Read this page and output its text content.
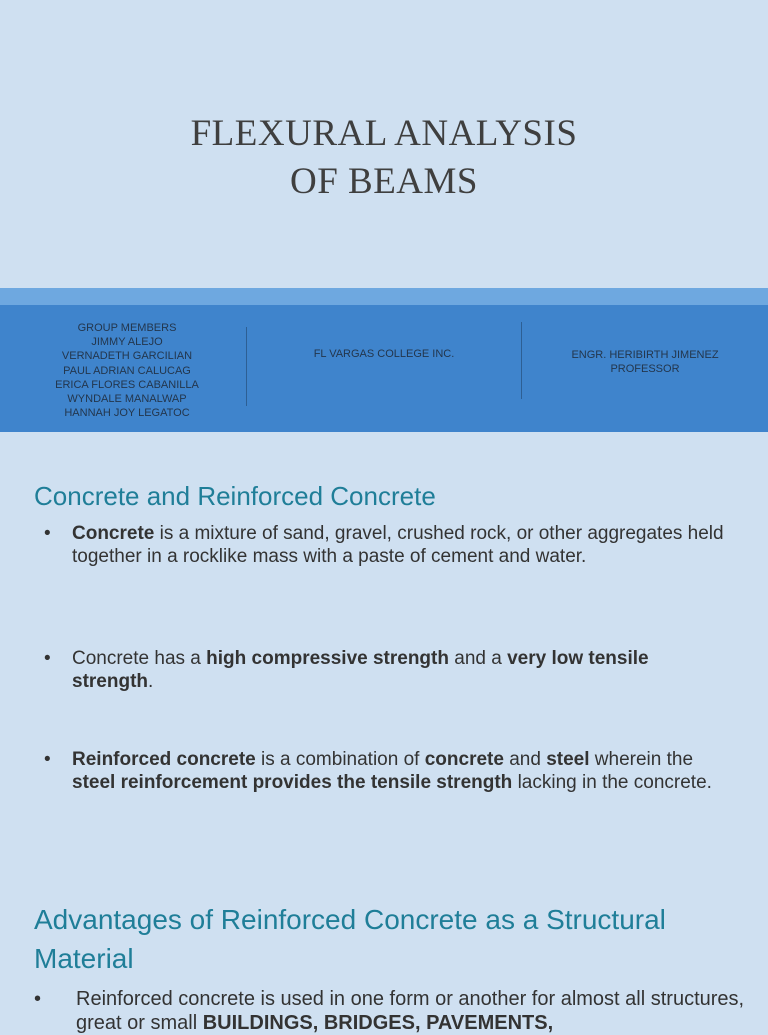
FLEXURAL ANALYSIS
OF BEAMS
GROUP MEMBERS
JIMMY ALEJO
VERNADETH GARCILIAN
PAUL ADRIAN CALUCAG
ERICA FLORES CABANILLA
WYNDALE MANALWAP
HANNAH JOY LEGATOC
FL VARGAS COLLEGE INC.	ENGR. HERIBIRTH JIMENEZ
PROFESSOR
Concrete and Reinforced Concrete
• Concrete is a mixture of sand, gravel, crushed rock, or other aggregates held together in a rocklike mass with a paste of cement and water.
• Concrete has a high compressive strength and a very low tensile strength.
• Reinforced concrete is a combination of concrete and steel wherein the steel reinforcement provides the tensile strength lacking in the concrete.
Advantages of Reinforced Concrete as a Structural Material
• Reinforced concrete is used in one form or another for almost all structures, great or small BUILDINGS, BRIDGES, PAVEMENTS,
